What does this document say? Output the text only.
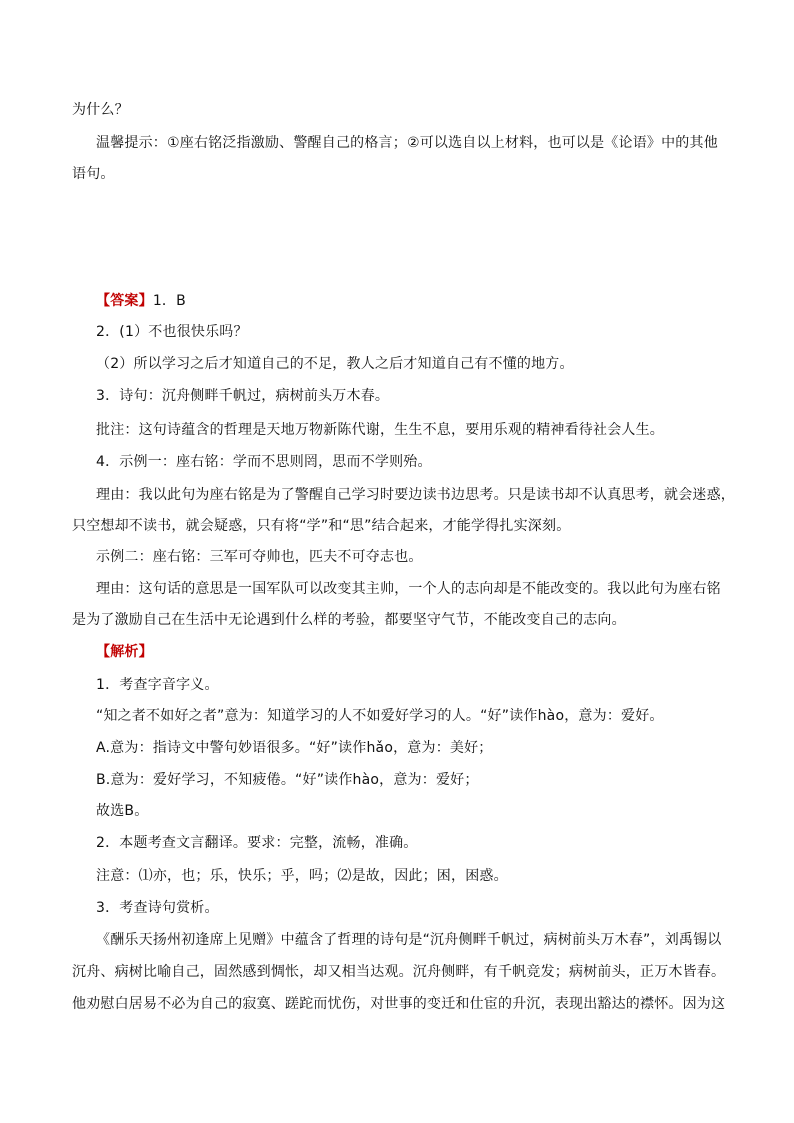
为什么？
温馨提示：①座右铭泛指激励、警醒自己的格言；②可以选自以上材料，也可以是《论语》中的其他
语句。
【答案】1．B
2．(1）不也很快乐吗？
（2）所以学习之后才知道自己的不足，教人之后才知道自己有不懂的地方。
3．诗句：沉舟侧畔千帆过，病树前头万木春。
批注：这句诗蕴含的哲理是天地万物新陈代谢，生生不息，要用乐观的精神看待社会人生。
4．示例一：座右铭：学而不思则罔，思而不学则殆。
理由：我以此句为座右铭是为了警醒自己学习时要边读书边思考。只是读书却不认真思考，就会迷惑，
只空想却不读书，就会疑惑，只有将“学”和“思”结合起来，才能学得扎实深刻。
示例二：座右铭：三军可夺帅也，匹夫不可夺志也。
理由：这句话的意思是一国军队可以改变其主帅，一个人的志向却是不能改变的。我以此句为座右铭
是为了激励自己在生活中无论遇到什么样的考验，都要坚守气节，不能改变自己的志向。
【解析】
1．考查字音字义。
“知之者不如好之者”意为：知道学习的人不如爱好学习的人。“好”读作hào，意为：爱好。
A.意为：指诗文中警句妙语很多。“好”读作hǎo，意为：美好；
B.意为：爱好学习，不知疲倦。“好”读作hào，意为：爱好；
故选B。
2．本题考查文言翻译。要求：完整，流畅，准确。
注意：⑴亦，也；乐，快乐；乎，吗；⑵是故，因此；困，困惑。
3．考查诗句赏析。
《酬乐天扬州初逢席上见赠》中蕴含了哲理的诗句是“沉舟侧畔千帆过，病树前头万木春”，刘禹锡以
沉舟、病树比喻自己，固然感到惆怅，却又相当达观。沉舟侧畔，有千帆竞发；病树前头，正万木皆春。
他劝慰白居易不必为自己的寂寞、蹉跎而忧伤，对世事的变迁和仕宦的升沉，表现出豁达的襟怀。因为这
